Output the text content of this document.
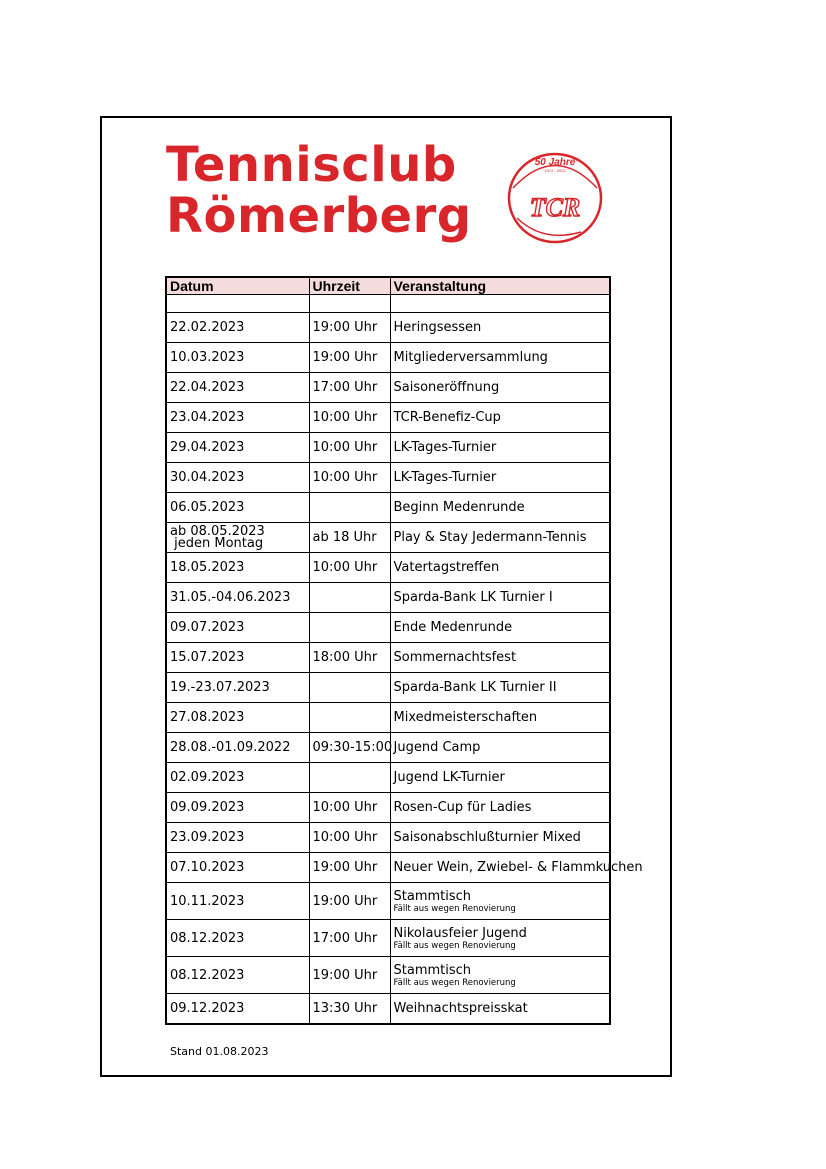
Tennisclub
Römerberg
50 Jahre
1972 - 2022
TCR
Datum	Uhrzeit	Veranstaltung

22.02.2023	19:00 Uhr	Heringsessen
10.03.2023	19:00 Uhr	Mitgliederversammlung
22.04.2023	17:00 Uhr	Saisoneröffnung
23.04.2023	10:00 Uhr	TCR-Benefiz-Cup
29.04.2023	10:00 Uhr	LK-Tages-Turnier
30.04.2023	10:00 Uhr	LK-Tages-Turnier
06.05.2023		Beginn Medenrunde

ab 08.05.2023
jeden Montag	ab 18 Uhr	Play & Stay Jedermann-Tennis
18.05.2023	10:00 Uhr	Vatertagstreffen
31.05.-04.06.2023		Sparda-Bank LK Turnier I
09.07.2023		Ende Medenrunde
15.07.2023	18:00 Uhr	Sommernachtsfest
19.-23.07.2023		Sparda-Bank LK Turnier II
27.08.2023		Mixedmeisterschaften
28.08.-01.09.2022	09:30-15:00	Jugend Camp
02.09.2023		Jugend LK-Turnier
09.09.2023	10:00 Uhr	Rosen-Cup für Ladies
23.09.2023	10:00 Uhr	Saisonabschlußturnier Mixed
07.10.2023	19:00 Uhr	Neuer Wein, Zwiebel- & Flammkuchen
10.11.2023	19:00 Uhr	Stammtisch
Fällt aus wegen Renovierung

08.12.2023	17:00 Uhr	Nikolausfeier Jugend
Fällt aus wegen Renovierung

08.12.2023	19:00 Uhr	Stammtisch
Fällt aus wegen Renovierung

09.12.2023	13:30 Uhr	Weihnachtspreisskat
Stand 01.08.2023
